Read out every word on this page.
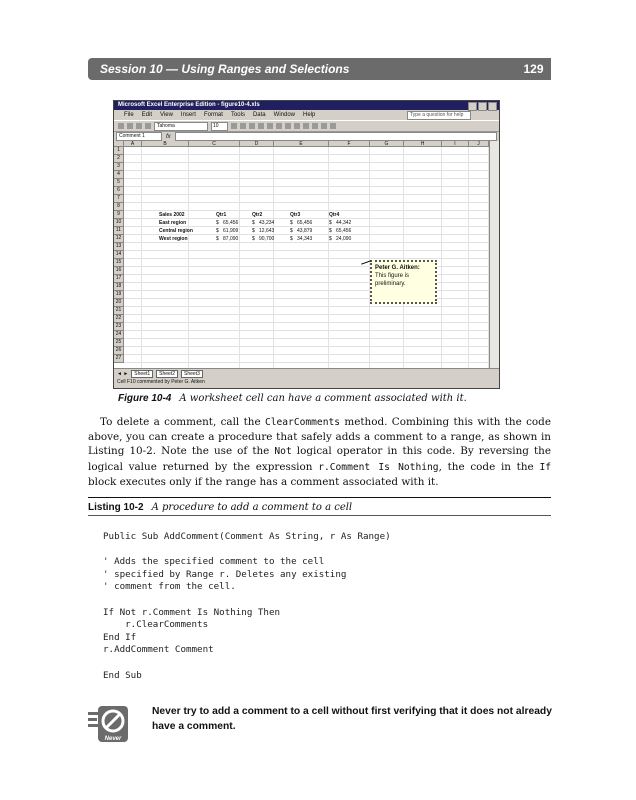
Session 10 — Using Ranges and Selections	129
Microsoft Excel Enterprise Edition - figure10-4.xls
File Edit View Insert Format Tools Data Window Help	Type a question for help
Tahoma	10
Comment 1	fx
A	B	C	D	E	F	G	H	I	J
1
2
3
4
5
6
7
8
9
10
11
12
13
14
15
16
17
18
19
20
21
22
23
24
25
26
27
Sales 2002	Qtr1	Qtr2	Qtr3	Qtr4
East region	$ 65,456	$ 43,234	$ 65,456	$ 44,342
Central region	$ 61,909	$ 12,643	$ 43,879	$ 65,456
West region	$ 87,090	$ 90,700	$ 34,343	$ 24,090
Peter G. Aitken:
This figure is preliminary.
◄ ►	Sheet1	Sheet2	Sheet3
Cell F10 commented by Peter G. Aitken
Figure 10-4 A worksheet cell can have a comment associated with it.

To delete a comment, call the ClearComments method. Combining this with the code above, you can create a procedure that safely adds a comment to a range, as shown in Listing 10-2. Note the use of the Not logical operator in this code. By reversing the logical value returned by the expression r.Comment Is Nothing, the code in the If block executes only if the range has a comment associated with it.

Listing 10-2 A procedure to add a comment to a cell
Public Sub AddComment(Comment As String, r As Range)

' Adds the specified comment to the cell
' specified by Range r. Deletes any existing
' comment from the cell.

If Not r.Comment Is Nothing Then
r.ClearComments
End If
r.AddComment Comment

End Sub
Never
Never try to add a comment to a cell without first verifying that it does not already have a comment.
